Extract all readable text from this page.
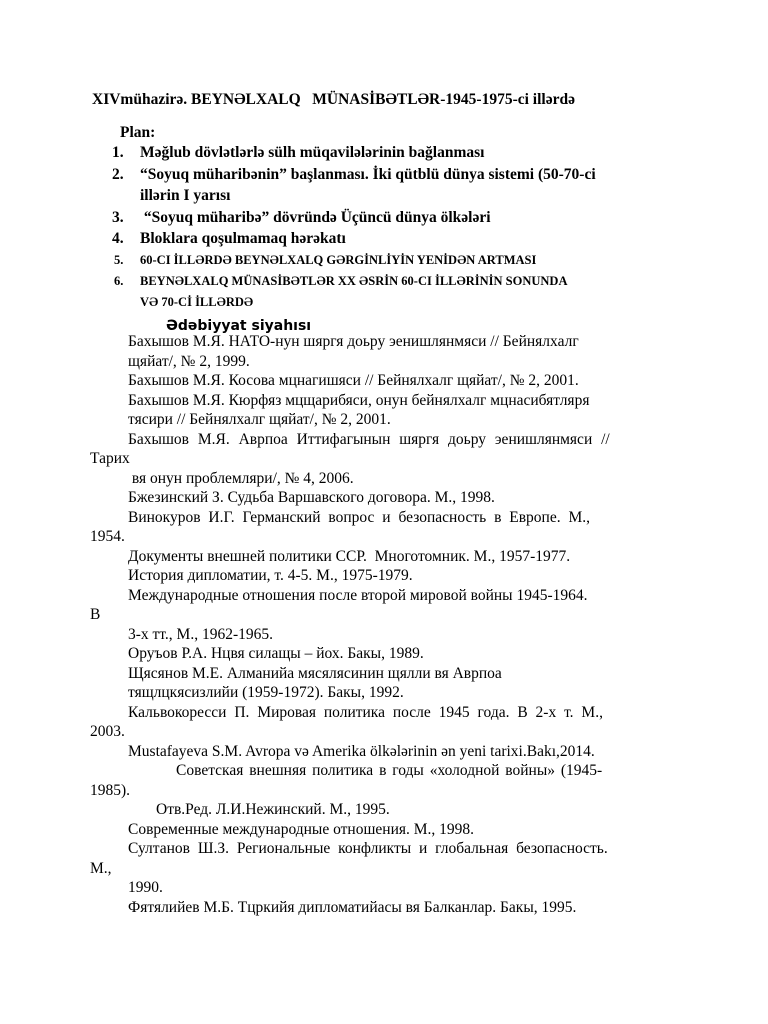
XIVmühazirə. BEYNƏLXALQ   MÜNASİBƏTLƏR-1945-1975-ci illərdə
Plan:
1. Məğlub dövlətlərlə sülh müqavilələrinin bağlanması
2. “Soyuq müharibənin” başlanması. İki qütblü dünya sistemi (50-70-ci
illərin I yarısı
3. “Soyuq müharibə” dövründə Üçüncü dünya ölkələri
4. Bloklara qoşulmamaq hərəkatı
5. 60-CI İLLƏRDƏ BEYNƏLXALQ GƏRGİNLİYİN YENİDƏN ARTMASI
6. BEYNƏLXALQ MÜNASİBƏTLƏR XX ƏSRİN 60-CI İLLƏRİNİN SONUNDA
VƏ 70-Cİ İLLƏRDƏ
Ədəbiyyat siyahısı
Бахышов М.Я. НАТО-нун шяргя доьру эенишлянмяси // Бейнялхалг
щяйат/, № 2, 1999.
Бахышов М.Я. Косова мцнагишяси // Бейнялхалг щяйат/, № 2, 2001.
Бахышов М.Я. Кюрфяз мцщарибяси, онун бейнялхалг мцнасибятляря
тясири // Бейнялхалг щяйат/, № 2, 2001.
Бахышов М.Я. Аврпоа Иттифагынын шяргя доьру эенишлянмяси //
Тарих
вя онун проблемляри/, № 4, 2006.
Бжезинский З. Судьба Варшавского договора. М., 1998.
Винокуров И.Г. Германский вопрос и безопасность в Европе. М.,
1954.
Документы внешней политики ССР.  Многотомник. М., 1957-1977.
История дипломатии, т. 4-5. М., 1975-1979.
Международные отношения после второй мировой войны 1945-1964.
В
3-х тт., М., 1962-1965.
Оруъов Р.А. Нцвя силащы – йох. Бакы, 1989.
Щясянов М.Е. Алманийа мясялясинин щялли вя Аврпоа
тящлцкясизлийи (1959-1972). Бакы, 1992.
Кальвокоресси П. Мировая политика после 1945 года. В 2-х т. М.,
2003.
Mustafayeva S.M. Avropa və Amerika ölkələrinin ən yeni tarixi.Bakı,2014.
Советская внешняя политика в годы «холодной войны» (1945-
1985).
Отв.Ред. Л.И.Нежинский. М., 1995.
Современные международные отношения. М., 1998.
Султанов Ш.З. Региональные конфликты и глобальная безопасность.
М.,
1990.
Фятялийев М.Б. Тцркийя дипломатийасы вя Балканлар. Бакы, 1995.
